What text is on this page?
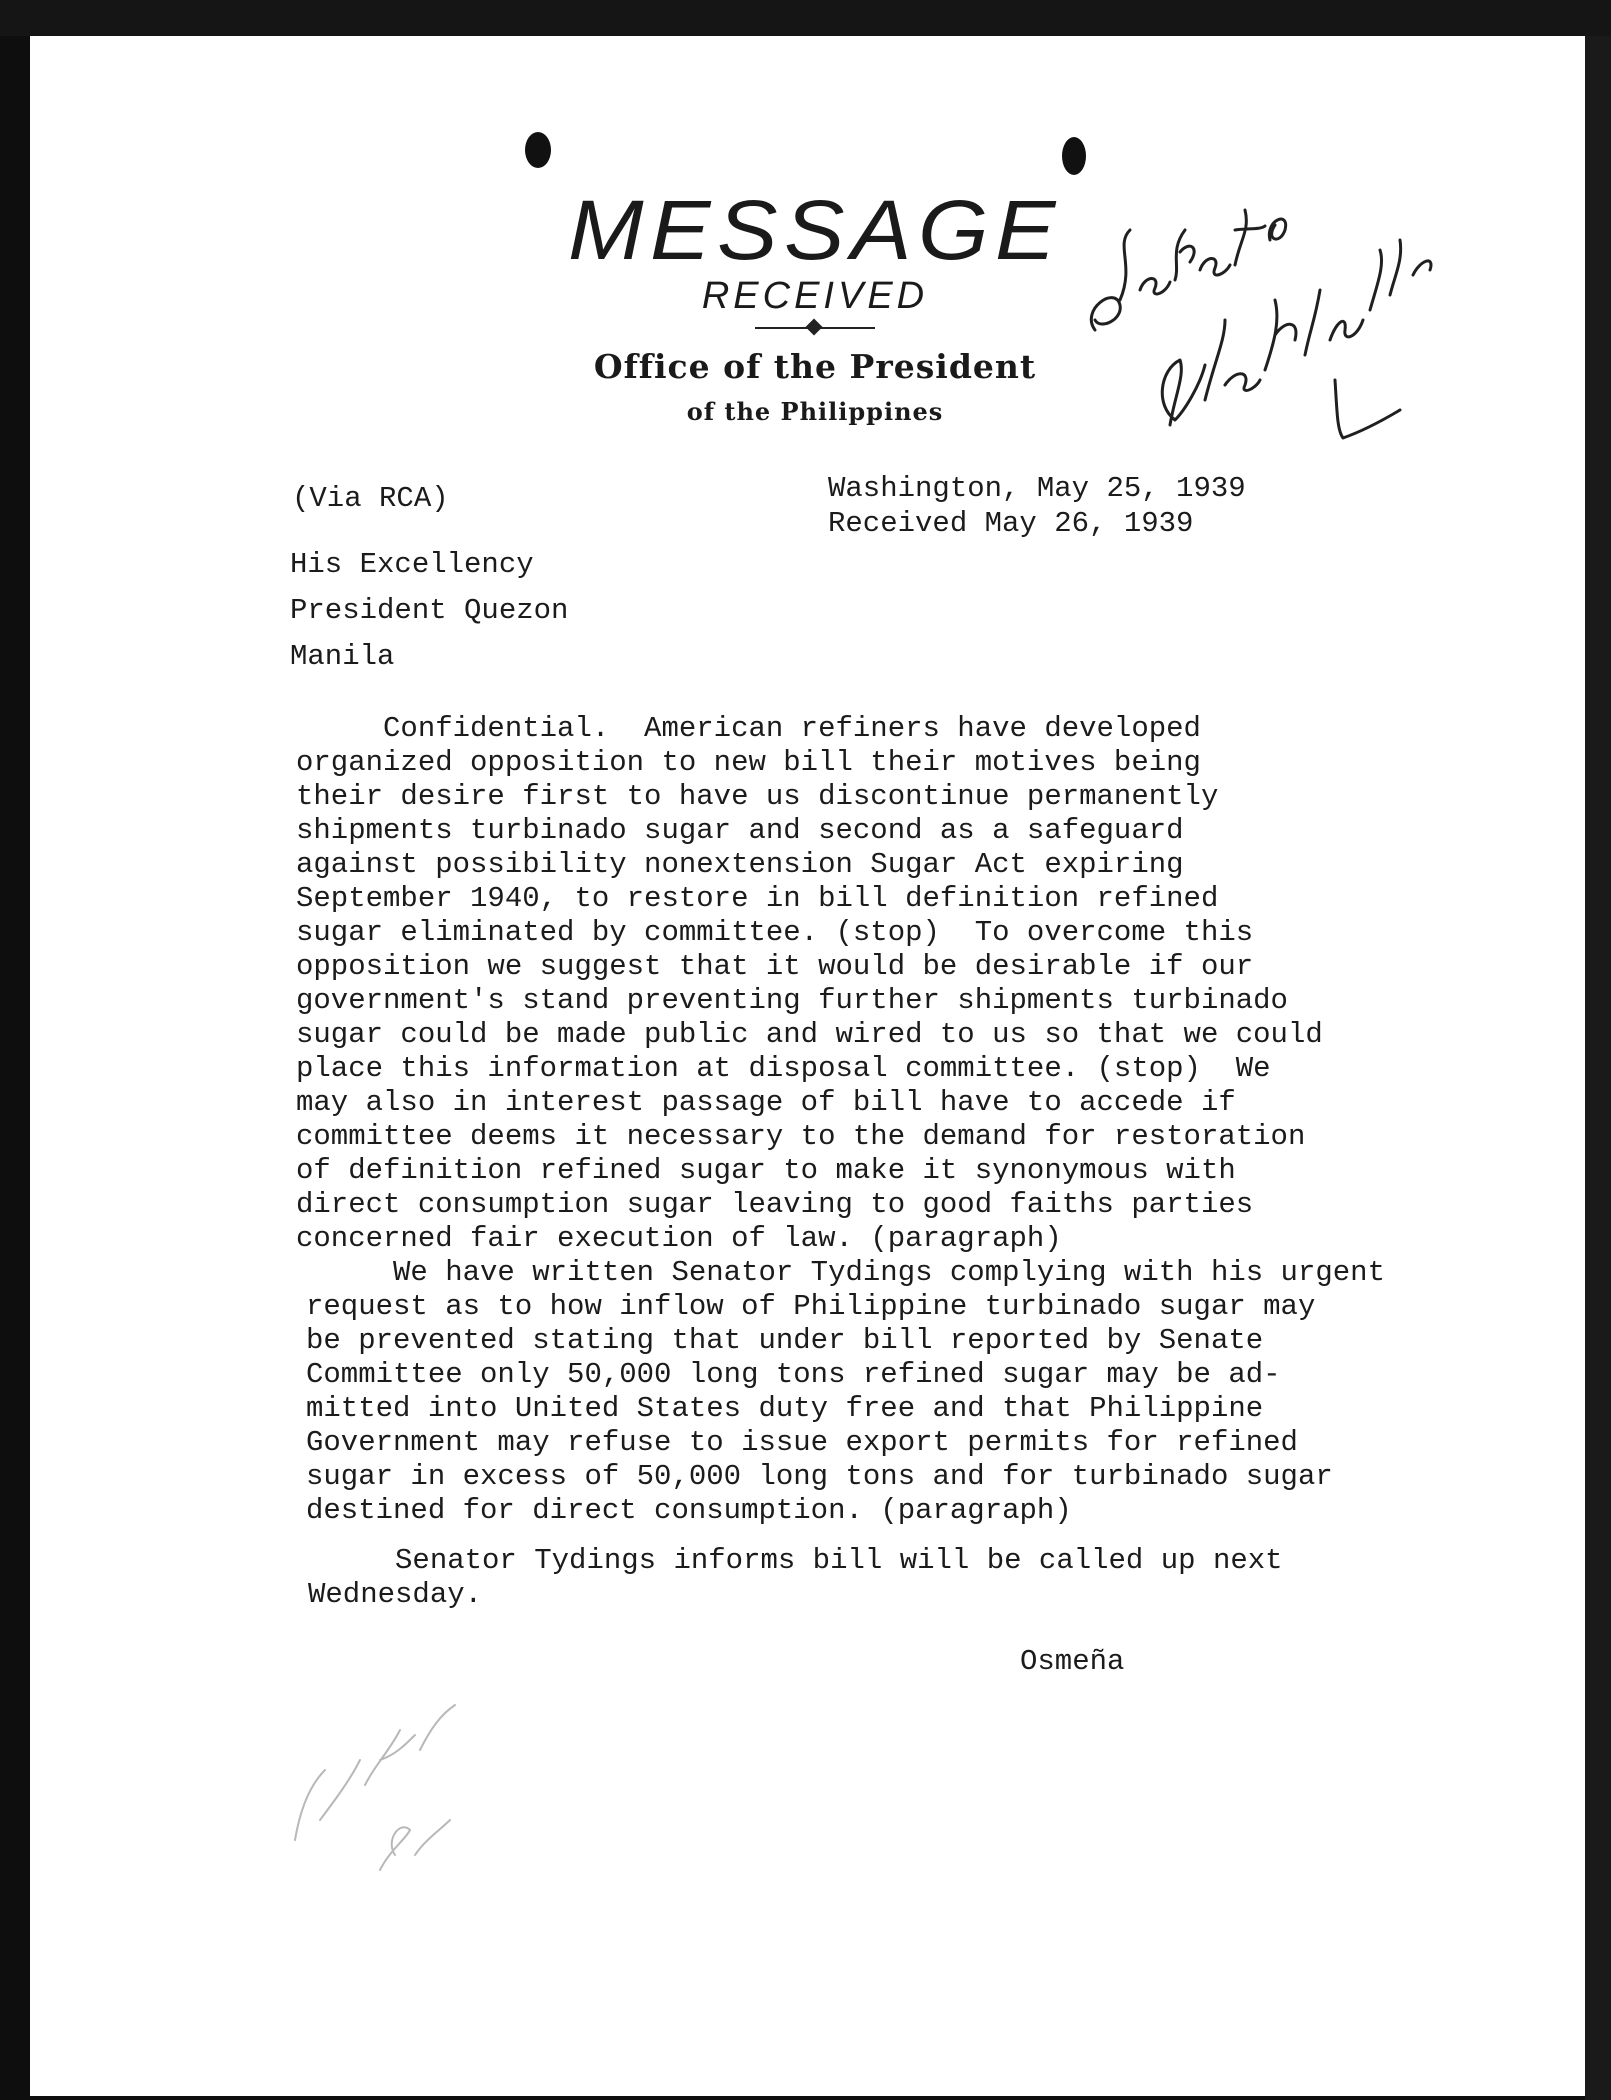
MESSAGE
RECEIVED
Office of the President
of the Philippines
(Via RCA)	Washington, May 25, 1939
Received May 26, 1939
His Excellency
President Quezon
Manila
Confidential.  American refiners have developed
organized opposition to new bill their motives being
their desire first to have us discontinue permanently
shipments turbinado sugar and second as a safeguard
against possibility nonextension Sugar Act expiring
September 1940, to restore in bill definition refined
sugar eliminated by committee. (stop)  To overcome this
opposition we suggest that it would be desirable if our
government's stand preventing further shipments turbinado
sugar could be made public and wired to us so that we could
place this information at disposal committee. (stop)  We
may also in interest passage of bill have to accede if
committee deems it necessary to the demand for restoration
of definition refined sugar to make it synonymous with
direct consumption sugar leaving to good faiths parties
concerned fair execution of law. (paragraph)
We have written Senator Tydings complying with his urgent
request as to how inflow of Philippine turbinado sugar may
be prevented stating that under bill reported by Senate
Committee only 50,000 long tons refined sugar may be ad-
mitted into United States duty free and that Philippine
Government may refuse to issue export permits for refined
sugar in excess of 50,000 long tons and for turbinado sugar
destined for direct consumption. (paragraph)
Senator Tydings informs bill will be called up next
Wednesday.
Osmeña
